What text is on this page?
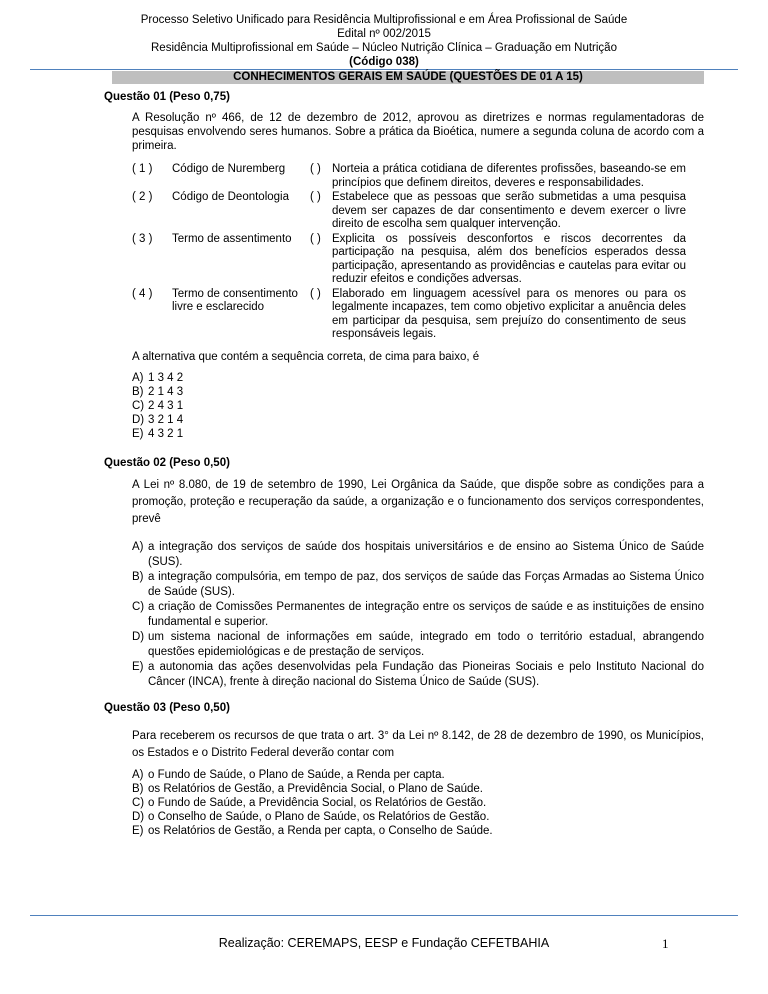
Processo Seletivo Unificado para Residência Multiprofissional e em Área Profissional de Saúde
Edital nº 002/2015
Residência Multiprofissional em Saúde – Núcleo Nutrição Clínica – Graduação em Nutrição
(Código 038)
CONHECIMENTOS GERAIS EM SAÚDE (QUESTÕES DE 01 A 15)
Questão 01 (Peso 0,75)

A Resolução nº 466, de 12 de dezembro de 2012, aprovou as diretrizes e normas regulamentadoras de pesquisas envolvendo seres humanos. Sobre a prática da Bioética, numere a segunda coluna de acordo com a primeira.

( 1 )	Código de Nuremberg	( )	Norteia a prática cotidiana de diferentes profissões, baseando-se em princípios que definem direitos, deveres e responsabilidades.
( 2 )	Código de Deontologia	( )	Estabelece que as pessoas que serão submetidas a uma pesquisa devem ser capazes de dar consentimento e devem exercer o livre direito de escolha sem qualquer intervenção.
( 3 )	Termo de assentimento	( )	Explicita os possíveis desconfortos e riscos decorrentes da participação na pesquisa, além dos benefícios esperados dessa participação, apresentando as providências e cautelas para evitar ou reduzir efeitos e condições adversas.
( 4 )	Termo de consentimento livre e esclarecido	( )	Elaborado em linguagem acessível para os menores ou para os legalmente incapazes, tem como objetivo explicitar a anuência deles em participar da pesquisa, sem prejuízo do consentimento de seus responsáveis legais.
A alternativa que contém a sequência correta, de cima para baixo, é
A) 1 3 4 2
B) 2 1 4 3
C) 2 4 3 1
D) 3 2 1 4
E) 4 3 2 1
Questão 02 (Peso 0,50)

A Lei nº 8.080, de 19 de setembro de 1990, Lei Orgânica da Saúde, que dispõe sobre as condições para a promoção, proteção e recuperação da saúde, a organização e o funcionamento dos serviços correspondentes, prevê

A) a integração dos serviços de saúde dos hospitais universitários e de ensino ao Sistema Único de Saúde (SUS).
B) a integração compulsória, em tempo de paz, dos serviços de saúde das Forças Armadas ao Sistema Único de Saúde (SUS).
C) a criação de Comissões Permanentes de integração entre os serviços de saúde e as instituições de ensino fundamental e superior.
D) um sistema nacional de informações em saúde, integrado em todo o território estadual, abrangendo questões epidemiológicas e de prestação de serviços.
E) a autonomia das ações desenvolvidas pela Fundação das Pioneiras Sociais e pelo Instituto Nacional do Câncer (INCA), frente à direção nacional do Sistema Único de Saúde (SUS).
Questão 03 (Peso 0,50)

Para receberem os recursos de que trata o art. 3° da Lei nº 8.142, de 28 de dezembro de 1990, os Municípios, os Estados e o Distrito Federal deverão contar com

A) o Fundo de Saúde, o Plano de Saúde, a Renda per capta.
B) os Relatórios de Gestão, a Previdência Social, o Plano de Saúde.
C) o Fundo de Saúde, a Previdência Social, os Relatórios de Gestão.
D) o Conselho de Saúde, o Plano de Saúde, os Relatórios de Gestão.
E) os Relatórios de Gestão, a Renda per capta, o Conselho de Saúde.
Realização: CEREMAPS, EESP e Fundação CEFETBAHIA	1
